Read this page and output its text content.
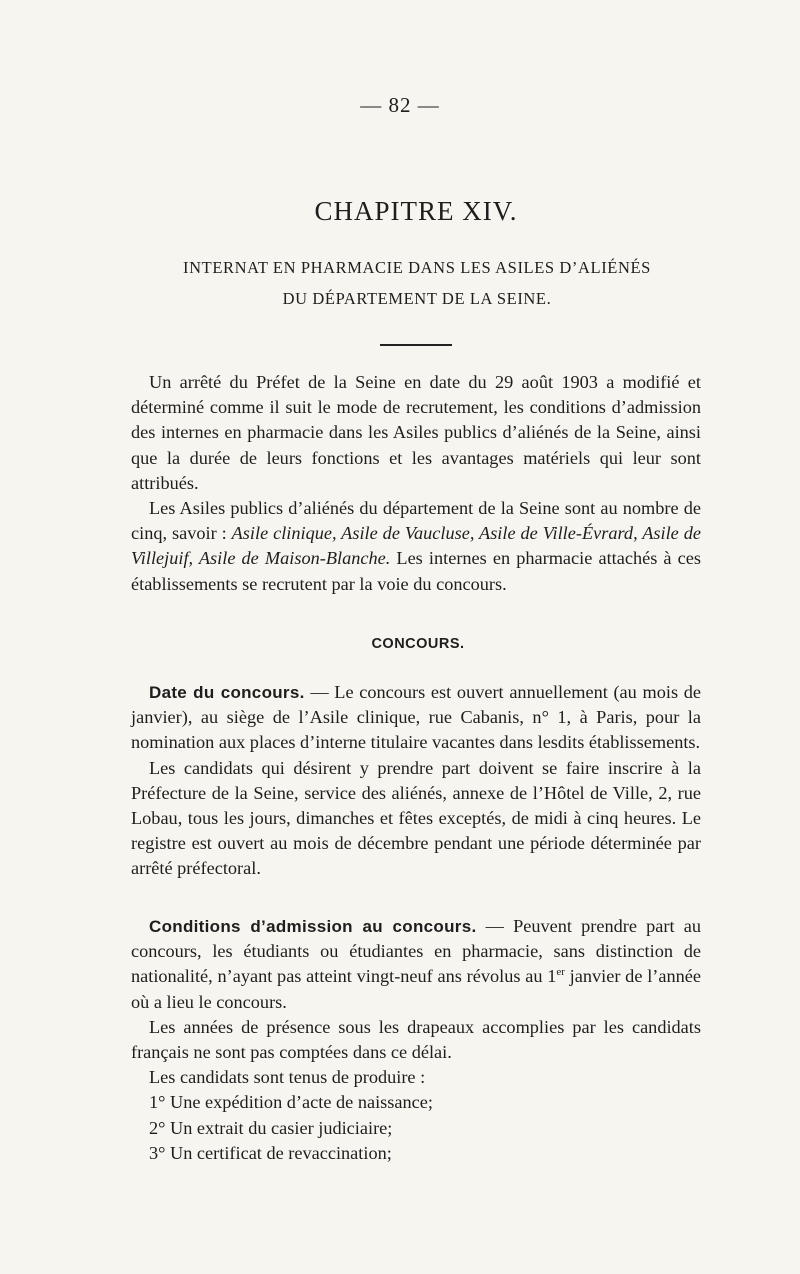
— 82 —
CHAPITRE XIV.
INTERNAT EN PHARMACIE DANS LES ASILES D’ALIÉNÉS
DU DÉPARTEMENT DE LA SEINE.

Un arrêté du Préfet de la Seine en date du 29 août 1903 a modifié et déterminé comme il suit le mode de recrutement, les conditions d’admission des internes en pharmacie dans les Asiles publics d’aliénés de la Seine, ainsi que la durée de leurs fonctions et les avantages matériels qui leur sont attribués.

Les Asiles publics d’aliénés du département de la Seine sont au nombre de cinq, savoir : Asile clinique, Asile de Vaucluse, Asile de Ville-Évrard, Asile de Villejuif, Asile de Maison-Blanche. Les internes en pharmacie attachés à ces établissements se recrutent par la voie du concours.

CONCOURS.

Date du concours. — Le concours est ouvert annuellement (au mois de janvier), au siège de l’Asile clinique, rue Cabanis, n° 1, à Paris, pour la nomination aux places d’interne titulaire vacantes dans lesdits établissements.

Les candidats qui désirent y prendre part doivent se faire inscrire à la Préfecture de la Seine, service des aliénés, annexe de l’Hôtel de Ville, 2, rue Lobau, tous les jours, dimanches et fêtes exceptés, de midi à cinq heures. Le registre est ouvert au mois de décembre pendant une période déterminée par arrêté préfectoral.

Conditions d’admission au concours. — Peuvent prendre part au concours, les étudiants ou étudiantes en pharmacie, sans distinction de nationalité, n’ayant pas atteint vingt-neuf ans révolus au 1er janvier de l’année où a lieu le concours.

Les années de présence sous les drapeaux accomplies par les candidats français ne sont pas comptées dans ce délai.

Les candidats sont tenus de produire :

1° Une expédition d’acte de naissance;

2° Un extrait du casier judiciaire;

3° Un certificat de revaccination;
